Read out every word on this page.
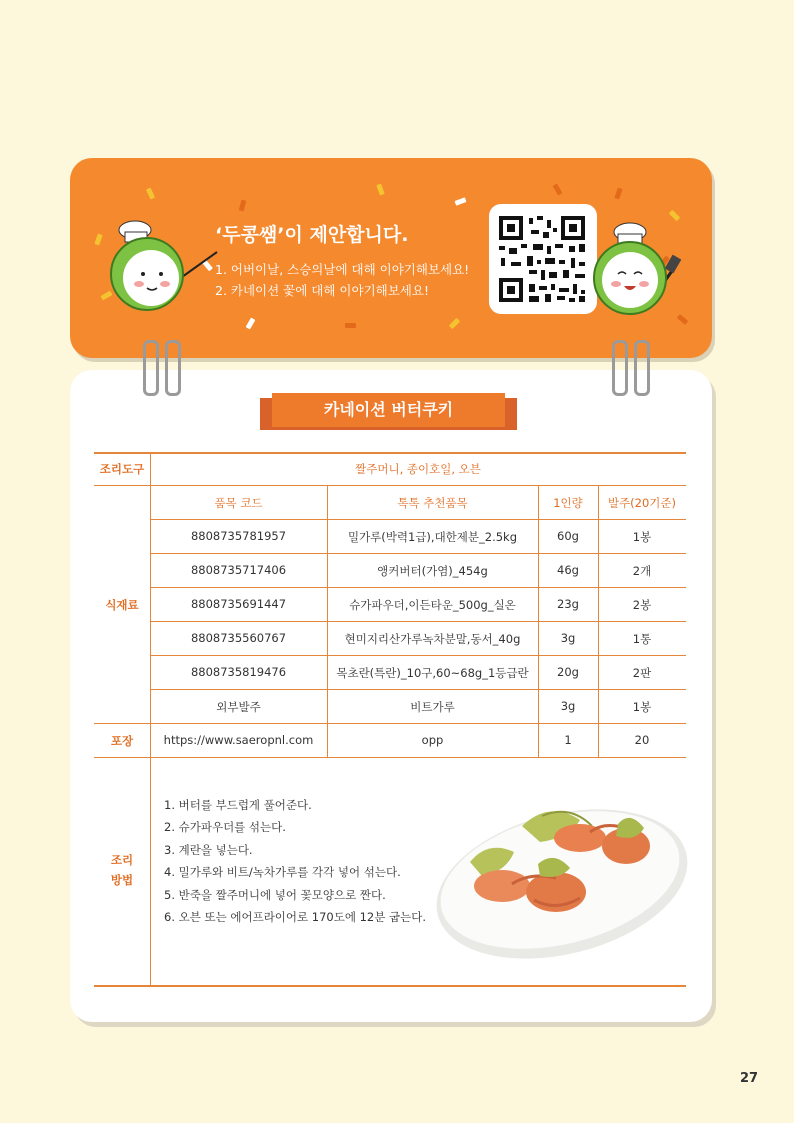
‘두콩쌤’이 제안합니다.
1. 어버이날, 스승의날에 대해 이야기해보세요!
2. 카네이션 꽃에 대해 이야기해보세요!
카네이션 버터쿠키
조리도구	짤주머니, 종이호일, 오븐
식재료
품목 코드	톡톡 추천품목	1인량	발주(20기준)
8808735781957	밀가루(박력1급),대한제분_2.5kg	60g	1봉
8808735717406	앵커버터(가염)_454g	46g	2개
8808735691447	슈가파우더,이든타운_500g_실온	23g	2봉
8808735560767	현미지리산가루녹차분말,동서_40g	3g	1통
8808735819476	목초란(특란)_10구,60~68g_1등급란	20g	2판
외부발주	비트가루	3g	1봉
포장	https://www.saeropnl.com	opp	1	20
조리
방법
1. 버터를 부드럽게 풀어준다.
2. 슈가파우더를 섞는다.
3. 계란을 넣는다.
4. 밀가루와 비트/녹차가루를 각각 넣어 섞는다.
5. 반죽을 짤주머니에 넣어 꽃모양으로 짠다.
6. 오븐 또는 에어프라이어로 170도에 12분 굽는다.
27
